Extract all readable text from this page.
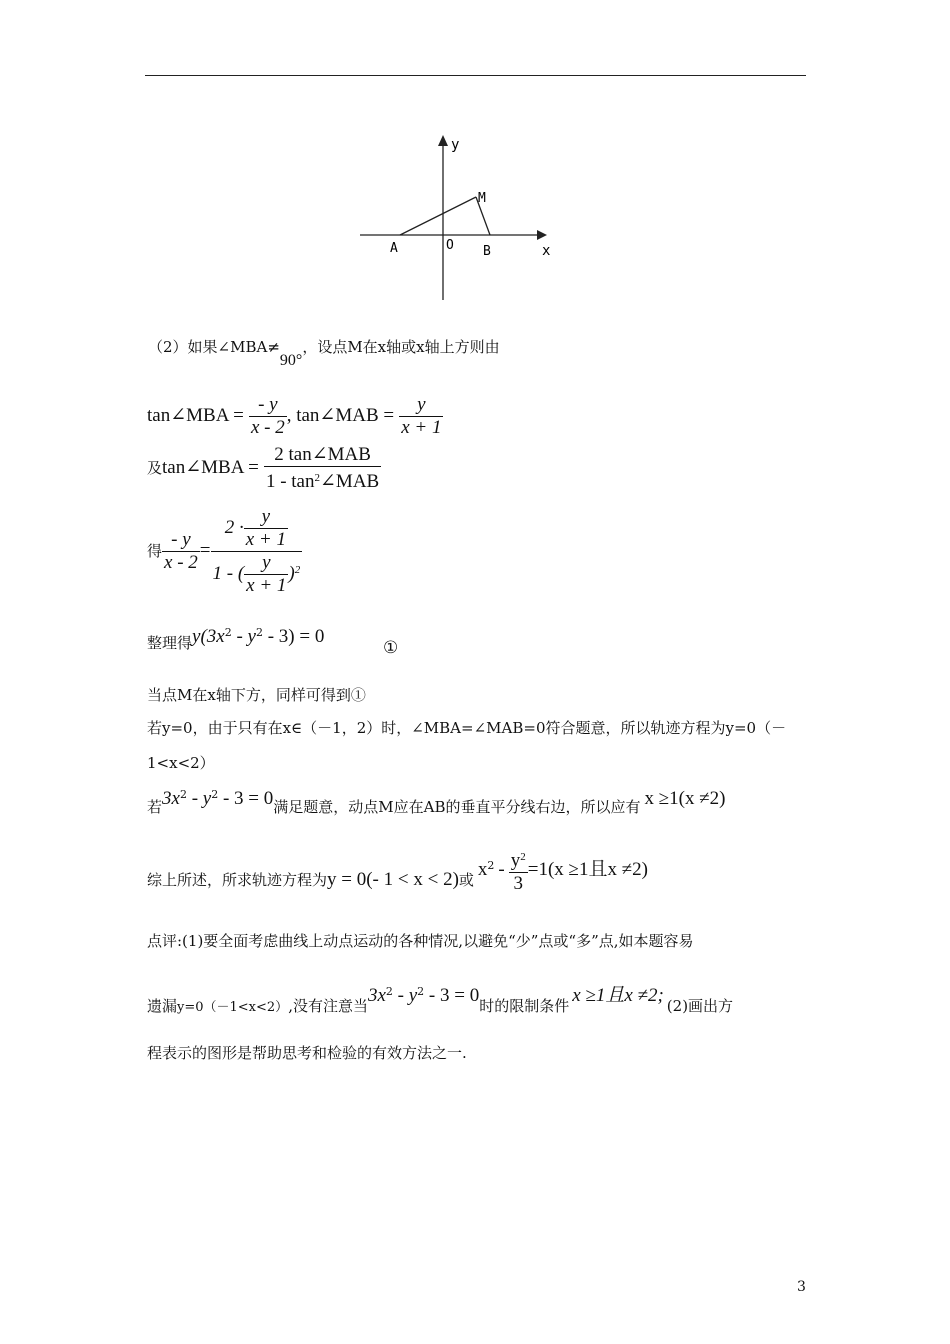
y
x
M
A	O B
（2）如果∠MBA≠90°，设点M在x轴或x轴上方则由
tan∠MBA = $\frac{- y}{x - 2}$ , tan∠MAB = $\frac{y}{x + 1}$
及tan∠MBA = $\frac{\text{2 tan∠MAB}}{1 - \tan^2\angle MAB}$
得 $\frac{- y}{x - 2} = \frac{2 \cdot \frac{y}{x + 1}}{1 - ( \frac{y}{x + 1} )^2}$
整理得$y(3x^2 - y^2 - 3) = 0$
①
当点M在x轴下方，同样可得到①
若y=0，由于只有在x∈（－1，2）时，∠MBA=∠MAB=0符合题意，所以轨迹方程为y=0（－
1<x<2）
若$3x^2 - y^2 - 3 = 0$满足题意，动点M应在AB的垂直平分线右边，所以应有 x ≥1(x ≠2)
综上所述，所求轨迹方程为y = 0(- 1 < x < 2)或 $x^2 - \frac{y^2}{3} =1(x \ge 1$且x ≠2)
点评:(1)要全面考虑曲线上动点运动的各种情况,以避免“少”点或“多”点,如本题容易
遗漏$_{y=0(-1<x<2)}$,没有注意当$3x^2 - y^2 - 3 = 0$时的限制条件 x ≥1且x ≠2; (2)画出方
程表示的图形是帮助思考和检验的有效方法之一.
3
